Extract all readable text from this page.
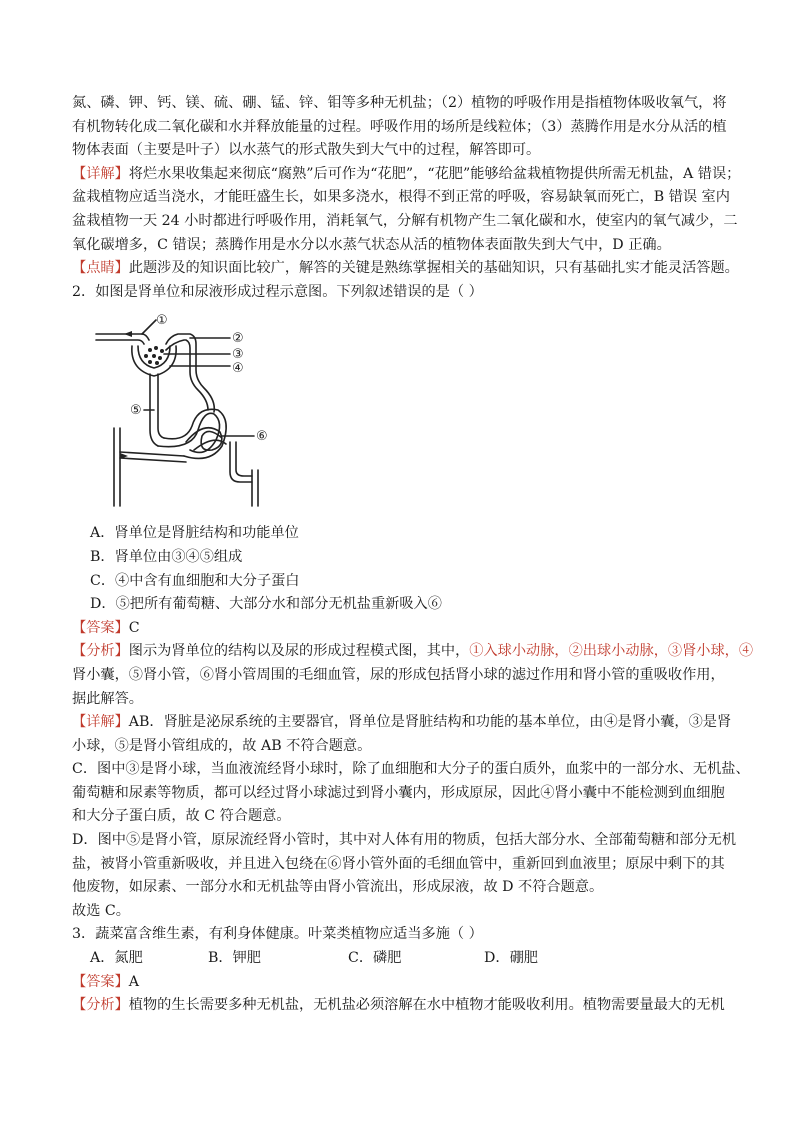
氮、磷、钾、钙、镁、硫、硼、锰、锌、钼等多种无机盐；（2）植物的呼吸作用是指植物体吸收氧气，将
有机物转化成二氧化碳和水并释放能量的过程。呼吸作用的场所是线粒体；（3）蒸腾作用是水分从活的植
物体表面（主要是叶子）以水蒸气的形式散失到大气中的过程，解答即可。
【详解】将烂水果收集起来彻底“腐熟”后可作为“花肥”，“花肥”能够给盆栽植物提供所需无机盐，A 错误；
盆栽植物应适当浇水，才能旺盛生长，如果多浇水，根得不到正常的呼吸，容易缺氧而死亡，B 错误 室内
盆栽植物一天 24 小时都进行呼吸作用，消耗氧气，分解有机物产生二氧化碳和水，使室内的氧气减少，二
氧化碳增多，C 错误；蒸腾作用是水分以水蒸气状态从活的植物体表面散失到大气中，D 正确。
【点睛】此题涉及的知识面比较广，解答的关键是熟练掌握相关的基础知识，只有基础扎实才能灵活答题。
2．如图是肾单位和尿液形成过程示意图。下列叙述错误的是（ ）
①
②
③
④
⑤
⑥
A．肾单位是肾脏结构和功能单位
B．肾单位由③④⑤组成
C．④中含有血细胞和大分子蛋白
D．⑤把所有葡萄糖、大部分水和部分无机盐重新吸入⑥
【答案】C
【分析】图示为肾单位的结构以及尿的形成过程模式图，其中，①入球小动脉，②出球小动脉，③肾小球，④
肾小囊，⑤肾小管，⑥肾小管周围的毛细血管，尿的形成包括肾小球的滤过作用和肾小管的重吸收作用，
据此解答。
【详解】AB．肾脏是泌尿系统的主要器官，肾单位是肾脏结构和功能的基本单位，由④是肾小囊，③是肾
小球，⑤是肾小管组成的，故 AB 不符合题意。
C．图中③是肾小球，当血液流经肾小球时，除了血细胞和大分子的蛋白质外，血浆中的一部分水、无机盐、
葡萄糖和尿素等物质，都可以经过肾小球滤过到肾小囊内，形成原尿，因此④肾小囊中不能检测到血细胞
和大分子蛋白质，故 C 符合题意。
D．图中⑤是肾小管，原尿流经肾小管时，其中对人体有用的物质，包括大部分水、全部葡萄糖和部分无机
盐，被肾小管重新吸收，并且进入包绕在⑥肾小管外面的毛细血管中，重新回到血液里；原尿中剩下的其
他废物，如尿素、一部分水和无机盐等由肾小管流出，形成尿液，故 D 不符合题意。
故选 C。
3．蔬菜富含维生素，有利身体健康。叶菜类植物应适当多施（ ）
A．氮肥	B．钾肥	C．磷肥	D．硼肥
【答案】A
【分析】植物的生长需要多种无机盐，无机盐必须溶解在水中植物才能吸收利用。植物需要量最大的无机
